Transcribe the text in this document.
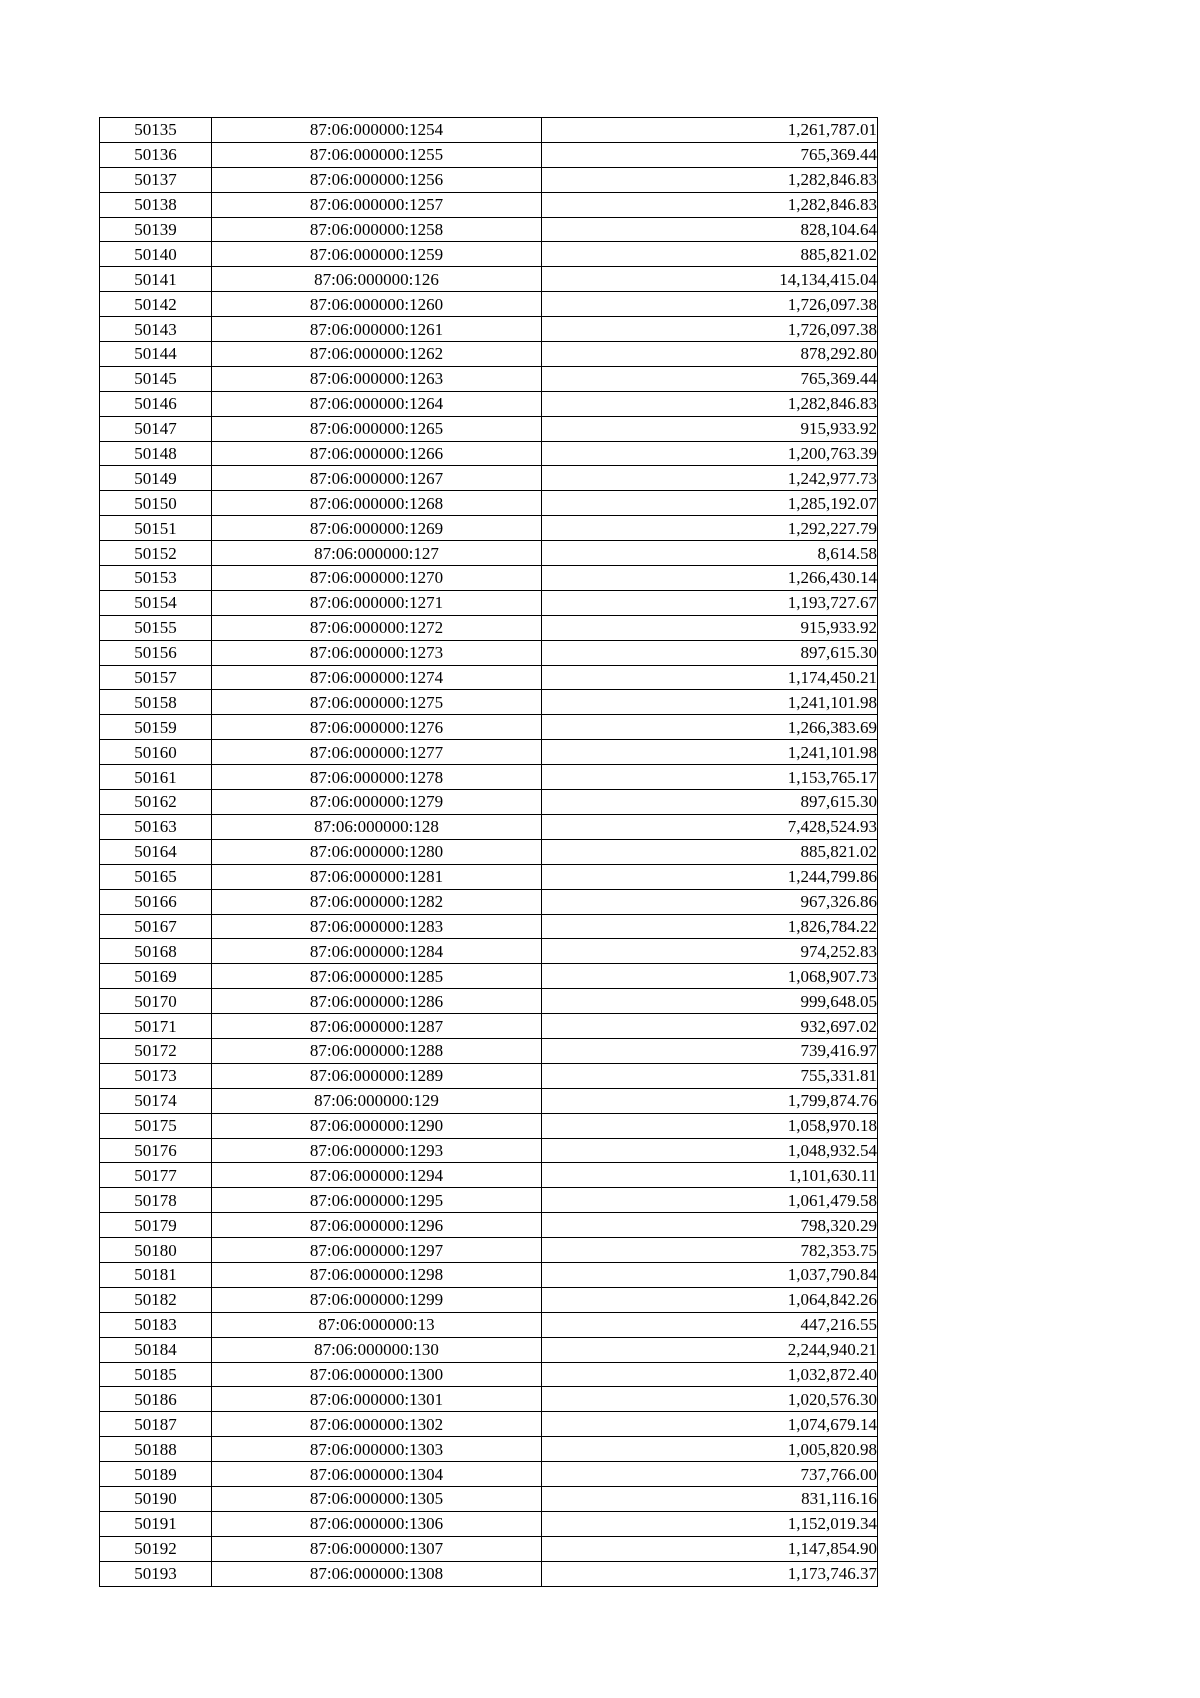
50135	87:06:000000:1254	1,261,787.01
50136	87:06:000000:1255	765,369.44
50137	87:06:000000:1256	1,282,846.83
50138	87:06:000000:1257	1,282,846.83
50139	87:06:000000:1258	828,104.64
50140	87:06:000000:1259	885,821.02
50141	87:06:000000:126	14,134,415.04
50142	87:06:000000:1260	1,726,097.38
50143	87:06:000000:1261	1,726,097.38
50144	87:06:000000:1262	878,292.80
50145	87:06:000000:1263	765,369.44
50146	87:06:000000:1264	1,282,846.83
50147	87:06:000000:1265	915,933.92
50148	87:06:000000:1266	1,200,763.39
50149	87:06:000000:1267	1,242,977.73
50150	87:06:000000:1268	1,285,192.07
50151	87:06:000000:1269	1,292,227.79
50152	87:06:000000:127	8,614.58
50153	87:06:000000:1270	1,266,430.14
50154	87:06:000000:1271	1,193,727.67
50155	87:06:000000:1272	915,933.92
50156	87:06:000000:1273	897,615.30
50157	87:06:000000:1274	1,174,450.21
50158	87:06:000000:1275	1,241,101.98
50159	87:06:000000:1276	1,266,383.69
50160	87:06:000000:1277	1,241,101.98
50161	87:06:000000:1278	1,153,765.17
50162	87:06:000000:1279	897,615.30
50163	87:06:000000:128	7,428,524.93
50164	87:06:000000:1280	885,821.02
50165	87:06:000000:1281	1,244,799.86
50166	87:06:000000:1282	967,326.86
50167	87:06:000000:1283	1,826,784.22
50168	87:06:000000:1284	974,252.83
50169	87:06:000000:1285	1,068,907.73
50170	87:06:000000:1286	999,648.05
50171	87:06:000000:1287	932,697.02
50172	87:06:000000:1288	739,416.97
50173	87:06:000000:1289	755,331.81
50174	87:06:000000:129	1,799,874.76
50175	87:06:000000:1290	1,058,970.18
50176	87:06:000000:1293	1,048,932.54
50177	87:06:000000:1294	1,101,630.11
50178	87:06:000000:1295	1,061,479.58
50179	87:06:000000:1296	798,320.29
50180	87:06:000000:1297	782,353.75
50181	87:06:000000:1298	1,037,790.84
50182	87:06:000000:1299	1,064,842.26
50183	87:06:000000:13	447,216.55
50184	87:06:000000:130	2,244,940.21
50185	87:06:000000:1300	1,032,872.40
50186	87:06:000000:1301	1,020,576.30
50187	87:06:000000:1302	1,074,679.14
50188	87:06:000000:1303	1,005,820.98
50189	87:06:000000:1304	737,766.00
50190	87:06:000000:1305	831,116.16
50191	87:06:000000:1306	1,152,019.34
50192	87:06:000000:1307	1,147,854.90
50193	87:06:000000:1308	1,173,746.37
